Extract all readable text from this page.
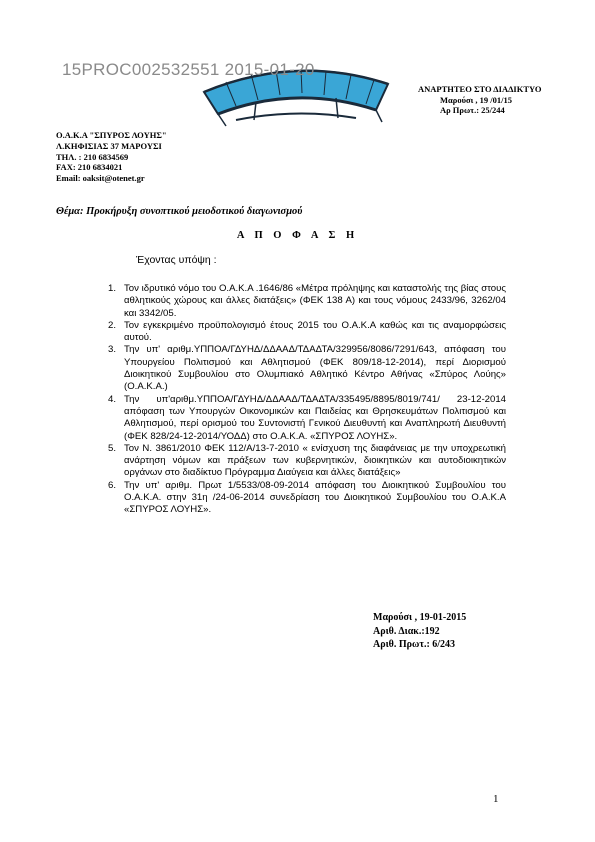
15PROC002532551 2015-01-20
ΑΝΑΡΤΗΤΕΟ ΣΤΟ ΔΙΑΔΙΚΤΥΟ
Μαρούσι , 19 /01/15
Αρ Πρωτ.: 25/244
Ο.Α.Κ.Α "ΣΠΥΡΟΣ ΛΟΥΗΣ"
Λ.ΚΗΦΙΣΙΑΣ 37 ΜΑΡΟΥΣΙ
ΤΗΛ. : 210 6834569
FAX: 210 6834021
Email: oaksit@otenet.gr
Θέμα: Προκήρυξη συνοπτικού μειοδοτικού διαγωνισμού
Α Π Ο Φ Α Σ Η
Έχοντας υπόψη :
1. Τον ιδρυτικό νόμο του Ο.Α.Κ.Α .1646/86 «Μέτρα πρόληψης και καταστολής της βίας στους αθλητικούς χώρους και άλλες διατάξεις» (ΦΕΚ 138 Α) και τους νόμους 2433/96, 3262/04 και 3342/05.
2. Τον εγκεκριμένο προϋπολογισμό έτους 2015 του Ο.Α.Κ.Α καθώς και τις αναμορφώσεις αυτού.
3. Την υπ' αριθμ.ΥΠΠΟΑ/ΓΔΥΗΔ/ΔΔΑΑΔ/ΤΔΑΔΤΑ/329956/8086/7291/643, απόφαση του Υπουργείου Πολιτισμού και Αθλητισμού (ΦΕΚ 809/18-12-2014), περί Διορισμού Διοικητικού Συμβουλίου στο Ολυμπιακό Αθλητικό Κέντρο Αθήνας «Σπύρος Λούης» (Ο.Α.Κ.Α.)
4. Την υπ'αριθμ.ΥΠΠΟΑ/ΓΔΥΗΔ/ΔΔΑΑΔ/ΤΔΑΔΤΑ/335495/8895/8019/741/ 23-12-2014 απόφαση των Υπουργών Οικονομικών και Παιδείας και Θρησκευμάτων Πολιτισμού και Αθλητισμού, περί ορισμού του Συντονιστή Γενικού Διευθυντή και Αναπληρωτή Διευθυντή (ΦΕΚ 828/24-12-2014/ΥΟΔΔ) στο Ο.Α.Κ.Α. «ΣΠΥΡΟΣ ΛΟΥΗΣ».
5. Τον Ν. 3861/2010 ΦΕΚ 112/Α/13-7-2010 « ενίσχυση της διαφάνειας με την υποχρεωτική ανάρτηση νόμων και πράξεων των κυβερνητικών, διοικητικών και αυτοδιοικητικών οργάνων στο διαδίκτυο Πρόγραμμα Διαύγεια και άλλες διατάξεις»
6. Την υπ' αριθμ. Πρωτ 1/5533/08-09-2014 απόφαση του Διοικητικού Συμβουλίου του Ο.Α.Κ.Α. στην 31η /24-06-2014 συνεδρίαση του Διοικητικού Συμβουλίου του Ο.Α.Κ.Α «ΣΠΥΡΟΣ ΛΟΥΗΣ».
Μαρούσι , 19-01-2015
Αριθ. Διακ.:192
Αριθ. Πρωτ.: 6/243
1
